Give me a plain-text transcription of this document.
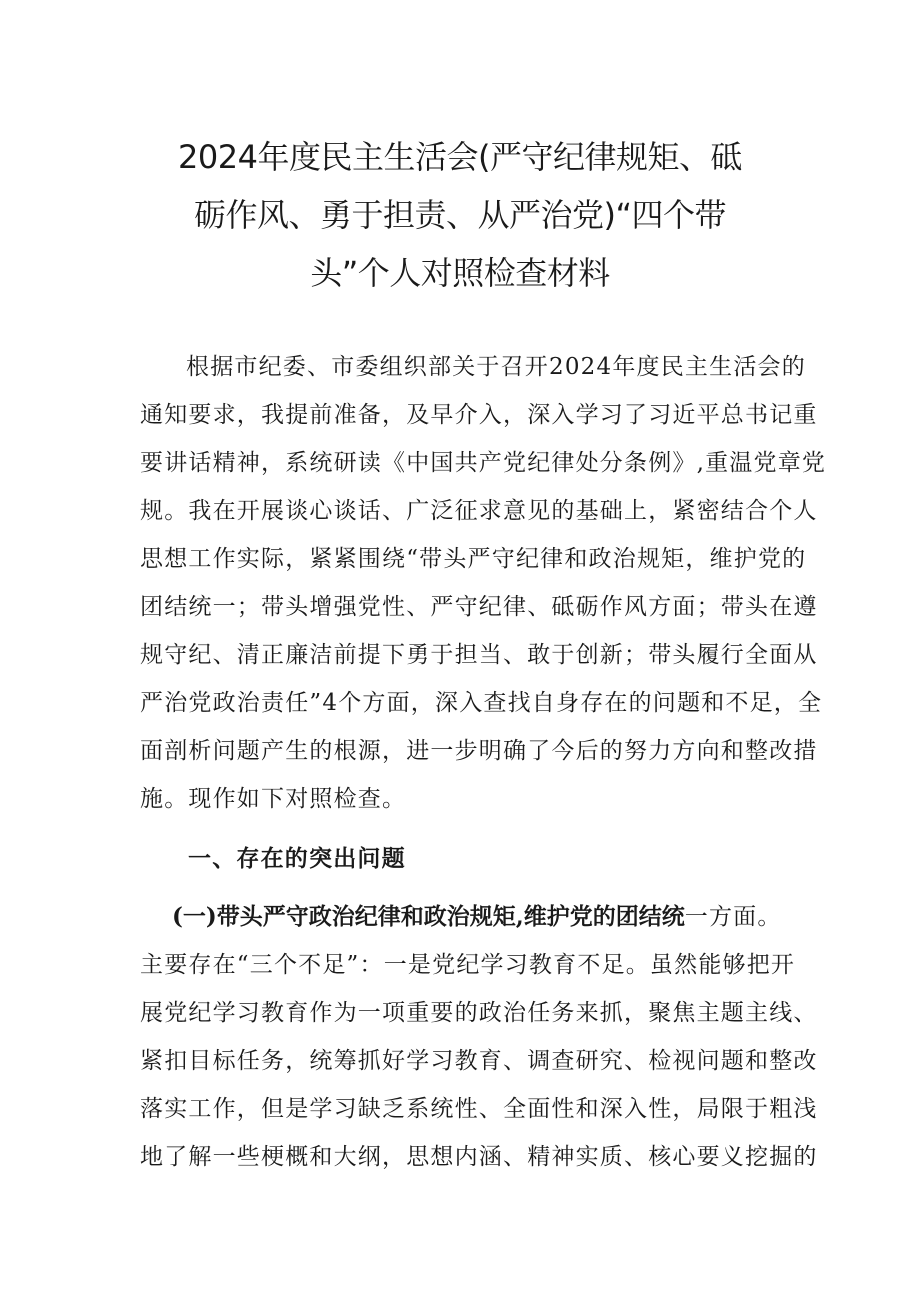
2024年度民主生活会(严守纪律规矩、砥
砺作风、勇于担责、从严治党)“四个带
头”个人对照检查材料
根据市纪委、市委组织部关于召开2024年度民主生活会的
通知要求，我提前准备，及早介入，深入学习了习近平总书记重
要讲话精神，系统研读《中国共产党纪律处分条例》,重温党章党
规。我在开展谈心谈话、广泛征求意见的基础上，紧密结合个人
思想工作实际，紧紧围绕“带头严守纪律和政治规矩，维护党的
团结统一；带头增强党性、严守纪律、砥砺作风方面；带头在遵
规守纪、清正廉洁前提下勇于担当、敢于创新；带头履行全面从
严治党政治责任”4个方面，深入查找自身存在的问题和不足，全
面剖析问题产生的根源，进一步明确了今后的努力方向和整改措
施。现作如下对照检查。
一、存在的突出问题
(一)带头严守政治纪律和政治规矩,维护党的团结统一方面。
主要存在“三个不足”：一是党纪学习教育不足。虽然能够把开
展党纪学习教育作为一项重要的政治任务来抓，聚焦主题主线、
紧扣目标任务，统筹抓好学习教育、调查研究、检视问题和整改
落实工作，但是学习缺乏系统性、全面性和深入性，局限于粗浅
地了解一些梗概和大纲，思想内涵、精神实质、核心要义挖掘的
